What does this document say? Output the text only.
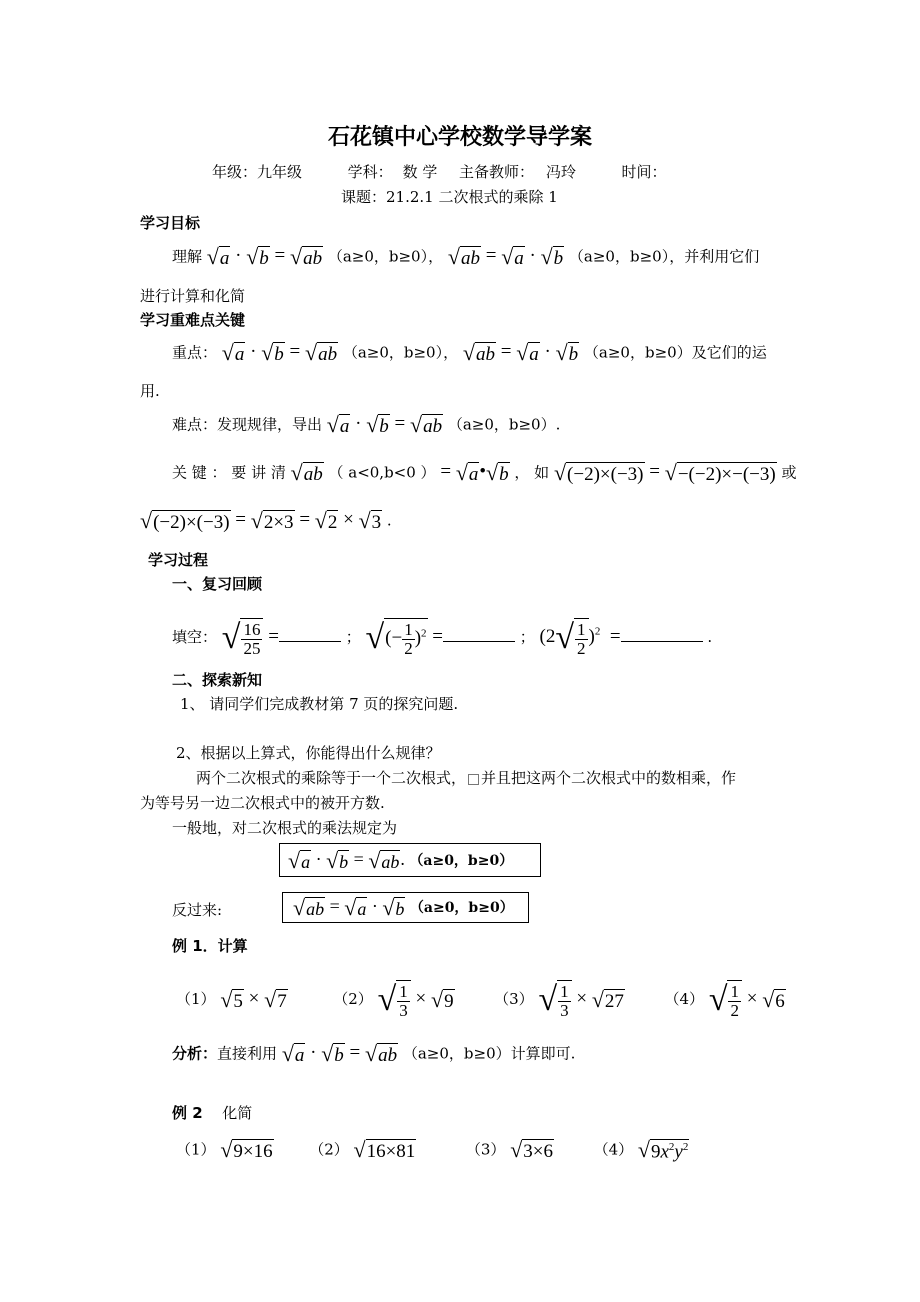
石花镇中心学校数学导学案
年级：九年级	学科： 数 学 主备教师： 冯玲	时间：
课题：21.2.1 二次根式的乘除 1
学习目标
理解 √a · √b = √ab （a≥0，b≥0）， √ab = √a · √b （a≥0，b≥0），并利用它们
进行计算和化简
学习重难点关键
重点： √a · √b = √ab （a≥0，b≥0）， √ab = √a · √b （a≥0，b≥0）及它们的运
用.
难点：发现规律，导出 √a · √b = √ab （a≥0，b≥0）.
关 键 ： 要 讲 清 √ab （ a<0,b<0 ） = √a•√b ， 如 √(−2)×(−3) = √−(−2)×−(−3) 或
√(−2)×(−3) = √2×3 = √2 × √3 .
学习过程
一、复习回顾
填空： √ $\frac{16}{25}$ =	； √(− $\frac{1}{2} )^2$ =	； $(2√ \frac{1}{2} )^2$  =	.
二、探索新知
1、 请同学们完成教材第 7 页的探究问题.
2、根据以上算式，你能得出什么规律？
两个二次根式的乘除等于一个二次根式， 并且把这两个二次根式中的数相乘，作
为等号另一边二次根式中的被开方数.
一般地，对二次根式的乘法规定为
√a · √b = √ab. （a≥0，b≥0）
反过来:	√ab = √a · √b （a≥0，b≥0）
例 1．计算
（1） √5 × √7	（2） √ $\frac{1}{3} \times √9$	（3） √ $\frac{1}{3} \times √27$	（4） √ $\frac{1}{2} \times √6$
分析：直接利用 √a · √b = √ab （a≥0，b≥0）计算即可.
例 2 化简
（1） √9×16 （2） √16×81	（3） √3×6	（4） $√9x^2y^2$
